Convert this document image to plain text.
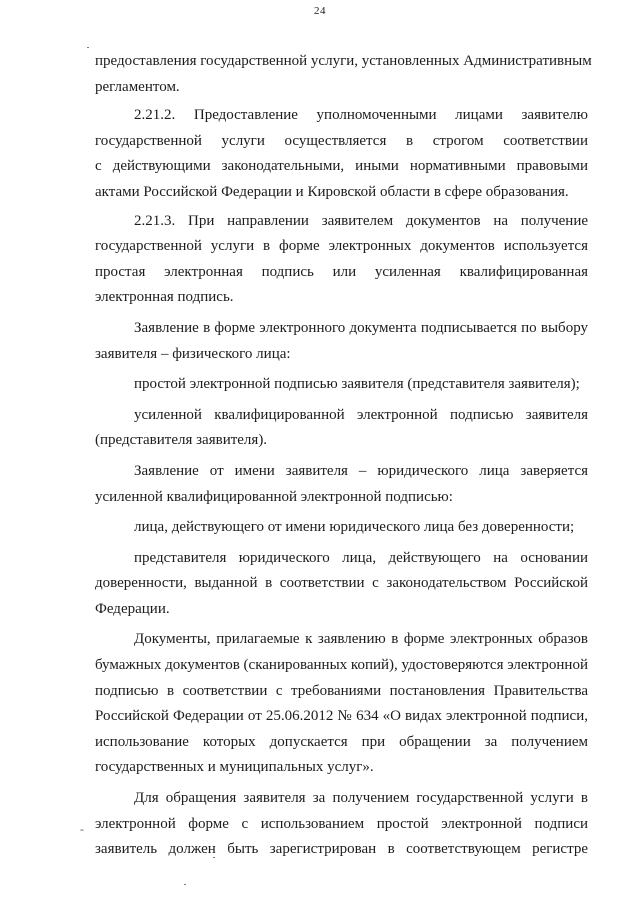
24
-
предоставления государственной услуги, установленных Административным
регламентом.
2.21.2. Предоставление уполномоченными лицами заявителю
государственной услуги осуществляется в строгом соответствии
с действующими законодательными, иными нормативными правовыми
актами Российской Федерации и Кировской области в сфере образования.
2.21.3. При направлении заявителем документов на получение
государственной услуги в форме электронных документов используется
простая электронная подпись или усиленная квалифицированная
электронная подпись.
Заявление в форме электронного документа подписывается по выбору
заявителя – физического лица:
простой электронной подписью заявителя (представителя заявителя);
усиленной квалифицированной электронной подписью заявителя
(представителя заявителя).
Заявление от имени заявителя – юридического лица заверяется
усиленной квалифицированной электронной подписью:
лица, действующего от имени юридического лица без доверенности;
представителя юридического лица, действующего на основании
доверенности, выданной в соответствии с законодательством Российской
Федерации.
Документы, прилагаемые к заявлению в форме электронных образов
бумажных документов (сканированных копий), удостоверяются электронной
подписью в соответствии с требованиями постановления Правительства
Российской Федерации от 25.06.2012 № 634 «О видах электронной подписи,
использование которых допускается при обращении за получением
государственных и муниципальных услуг».
Для обращения заявителя за получением государственной услуги в
электронной форме с использованием простой электронной подписи
заявитель должен быть зарегистрирован в соответствующем регистре
